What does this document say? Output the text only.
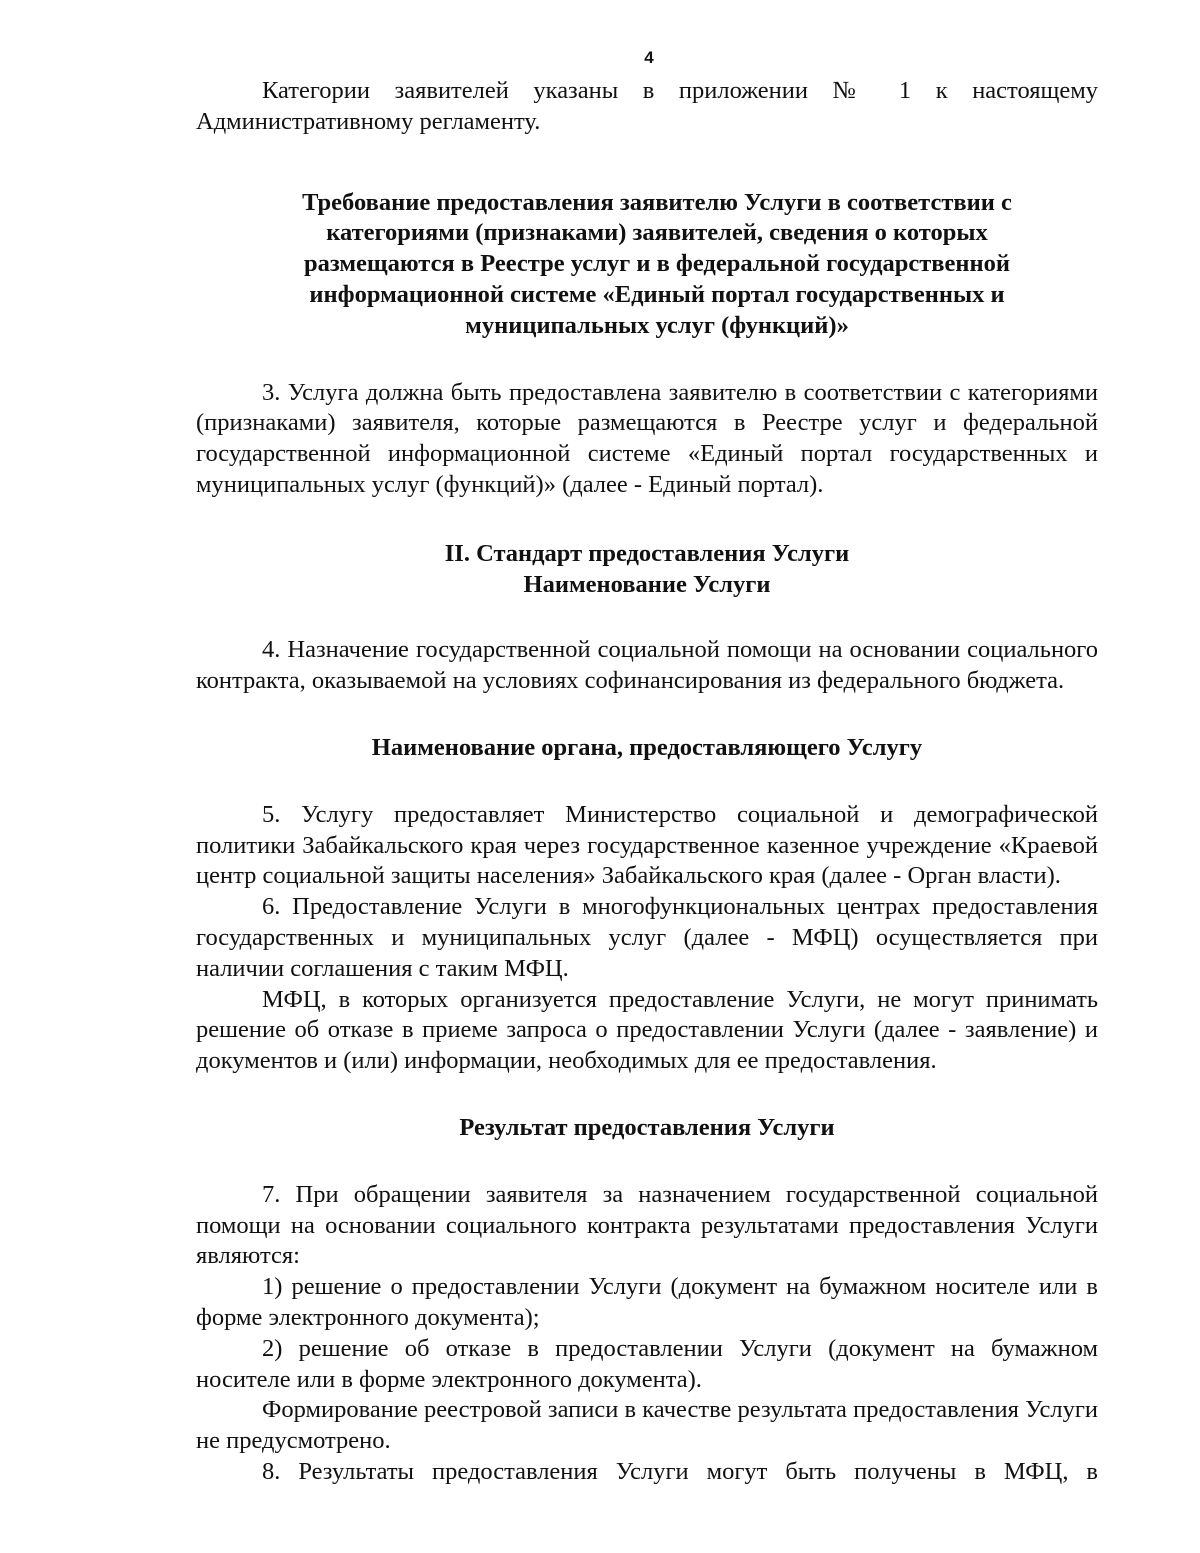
4

Категории заявителей указаны в приложении № 1 к настоящему Административному регламенту.

Требование предоставления заявителю Услуги в соответствии с
категориями (признаками) заявителей, сведения о которых
размещаются в Реестре услуг и в федеральной государственной
информационной системе «Единый портал государственных и
муниципальных услуг (функций)»

3. Услуга должна быть предоставлена заявителю в соответствии с категориями (признаками) заявителя, которые размещаются в Реестре услуг и федеральной государственной информационной системе «Единый портал государственных и муниципальных услуг (функций)» (далее - Единый портал).

II. Стандарт предоставления Услуги
Наименование Услуги

4. Назначение государственной социальной помощи на основании социального контракта, оказываемой на условиях софинансирования из федерального бюджета.

Наименование органа, предоставляющего Услугу

5. Услугу предоставляет Министерство социальной и демографической политики Забайкальского края через государственное казенное учреждение «Краевой центр социальной защиты населения» Забайкальского края (далее - Орган власти).

6. Предоставление Услуги в многофункциональных центрах предоставления государственных и муниципальных услуг (далее - МФЦ) осуществляется при наличии соглашения с таким МФЦ.

МФЦ, в которых организуется предоставление Услуги, не могут принимать решение об отказе в приеме запроса о предоставлении Услуги (далее - заявление) и документов и (или) информации, необходимых для ее предоставления.

Результат предоставления Услуги

7. При обращении заявителя за назначением государственной социальной помощи на основании социального контракта результатами предоставления Услуги являются:

1) решение о предоставлении Услуги (документ на бумажном носителе или в форме электронного документа);

2) решение об отказе в предоставлении Услуги (документ на бумажном носителе или в форме электронного документа).

Формирование реестровой записи в качестве результата предоставления Услуги не предусмотрено.

8. Результаты предоставления Услуги могут быть получены в МФЦ, в
